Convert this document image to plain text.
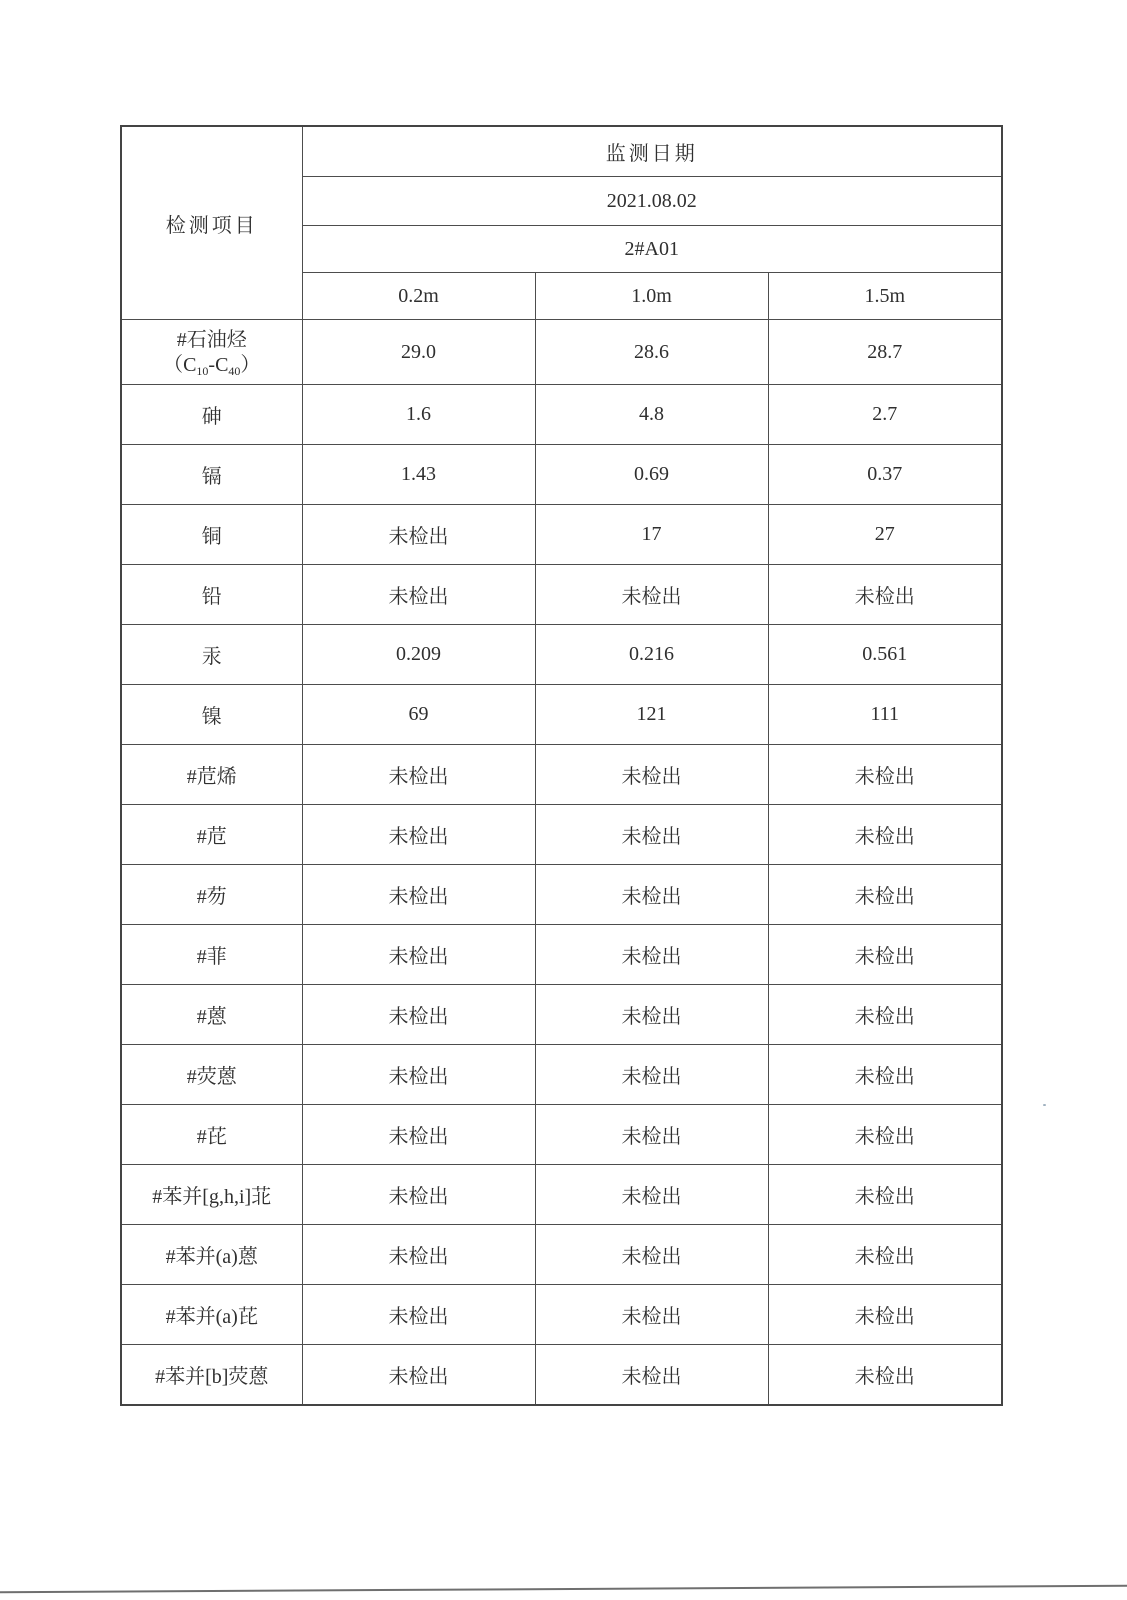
检测项目	监测日期		
	2021.08.02		
	2#A01		
	0.2m	1.0m	1.5m

#石油烃
$(C_{10}-C_{40})$	29.0	28.6	28.7
砷	1.6	4.8	2.7
镉	1.43	0.69	0.37
铜	未检出	17	27
铅	未检出	未检出	未检出
汞	0.209	0.216	0.561
镍	69	121	111
#苊烯	未检出	未检出	未检出
#苊	未检出	未检出	未检出
#芴	未检出	未检出	未检出
#菲	未检出	未检出	未检出
#蒽	未检出	未检出	未检出
#荧蒽	未检出	未检出	未检出
#芘	未检出	未检出	未检出
#苯并[g,h,i]苝	未检出	未检出	未检出
#苯并(a)蒽	未检出	未检出	未检出
#苯并(a)芘	未检出	未检出	未检出
#苯并[b]荧蒽	未检出	未检出	未检出
